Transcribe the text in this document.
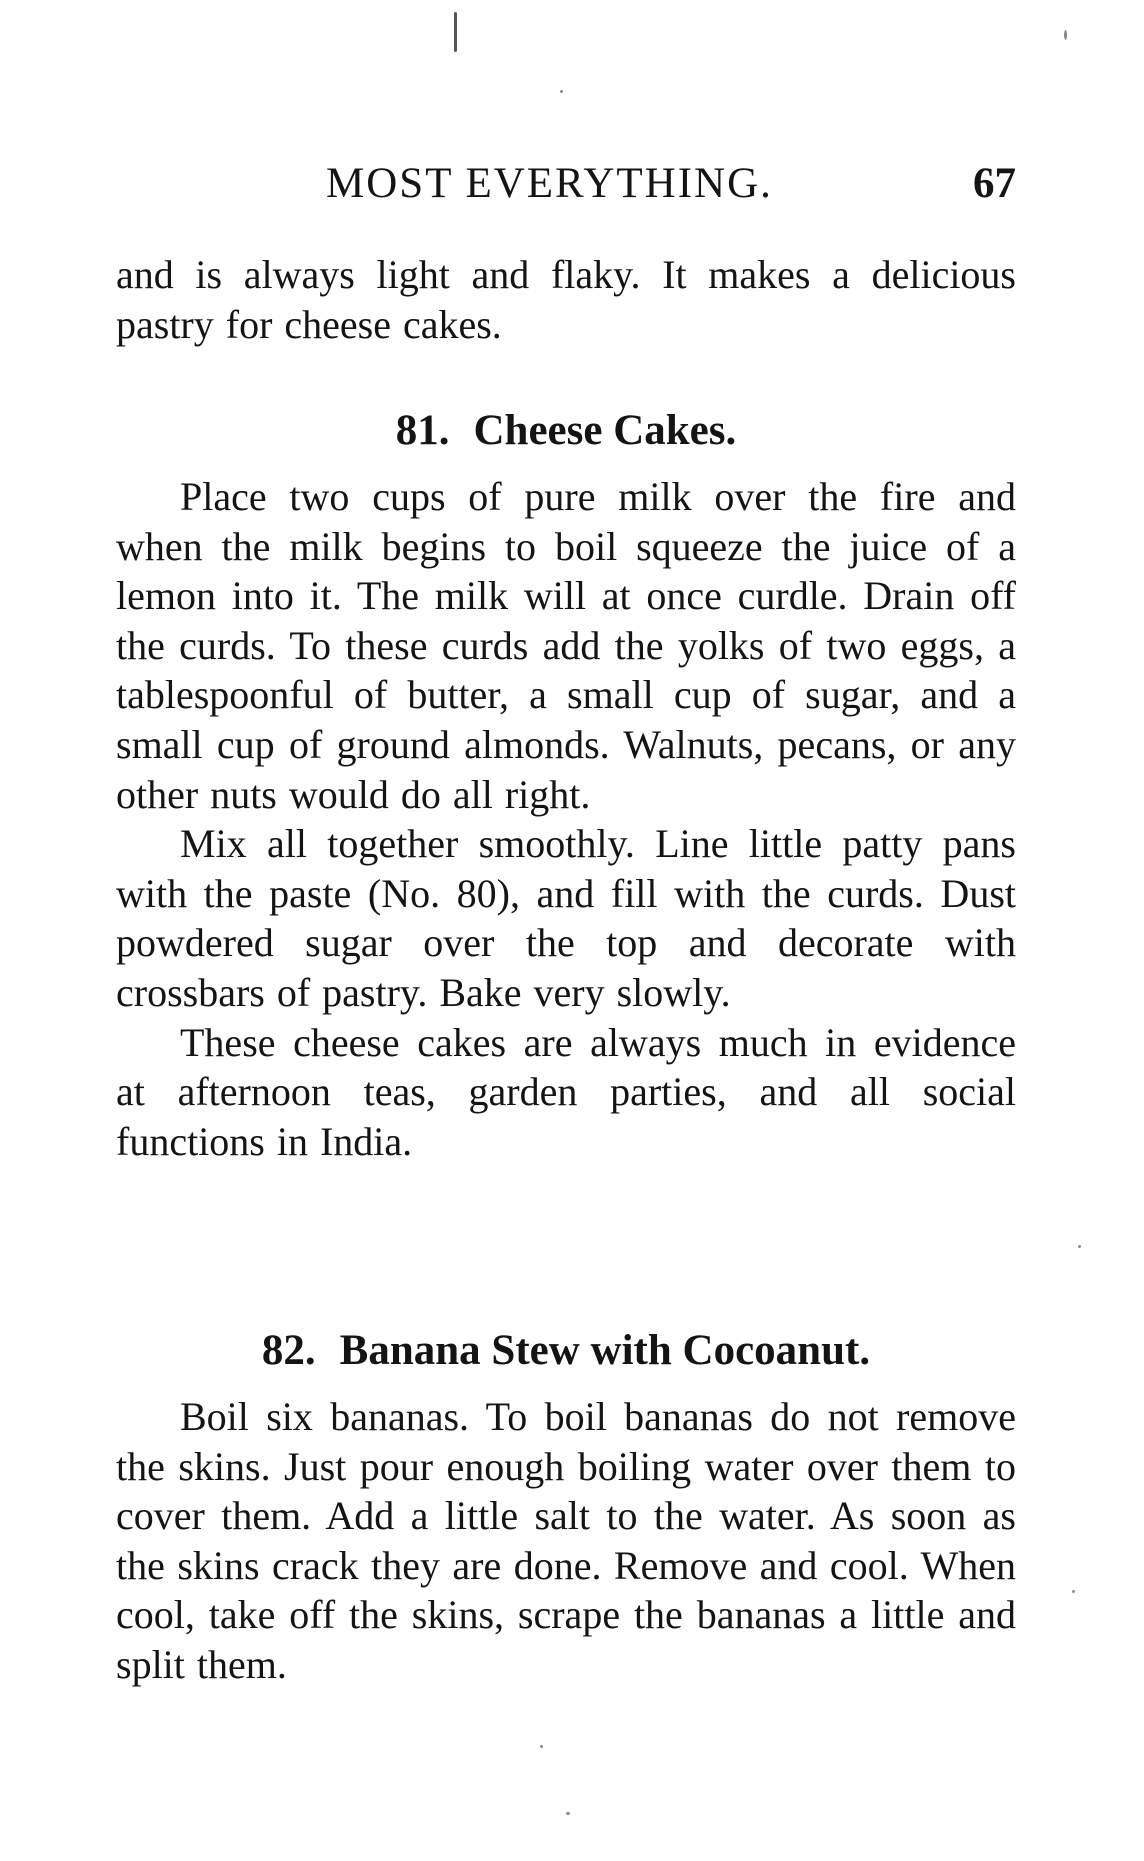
MOST EVERYTHING.	67

and is always light and flaky. It makes a delicious pastry for cheese cakes.

81. Cheese Cakes.

Place two cups of pure milk over the fire and when the milk begins to boil squeeze the juice of a lemon into it. The milk will at once curdle. Drain off the curds. To these curds add the yolks of two eggs, a tablespoonful of butter, a small cup of sugar, and a small cup of ground almonds. Walnuts, pecans, or any other nuts would do all right.

Mix all together smoothly. Line little patty pans with the paste (No. 80), and fill with the curds. Dust powdered sugar over the top and decorate with crossbars of pastry. Bake very slowly.

These cheese cakes are always much in evidence at afternoon teas, garden parties, and all social functions in India.

82. Banana Stew with Cocoanut.

Boil six bananas. To boil bananas do not remove the skins. Just pour enough boiling water over them to cover them. Add a little salt to the water. As soon as the skins crack they are done. Remove and cool. When cool, take off the skins, scrape the bananas a little and split them.
